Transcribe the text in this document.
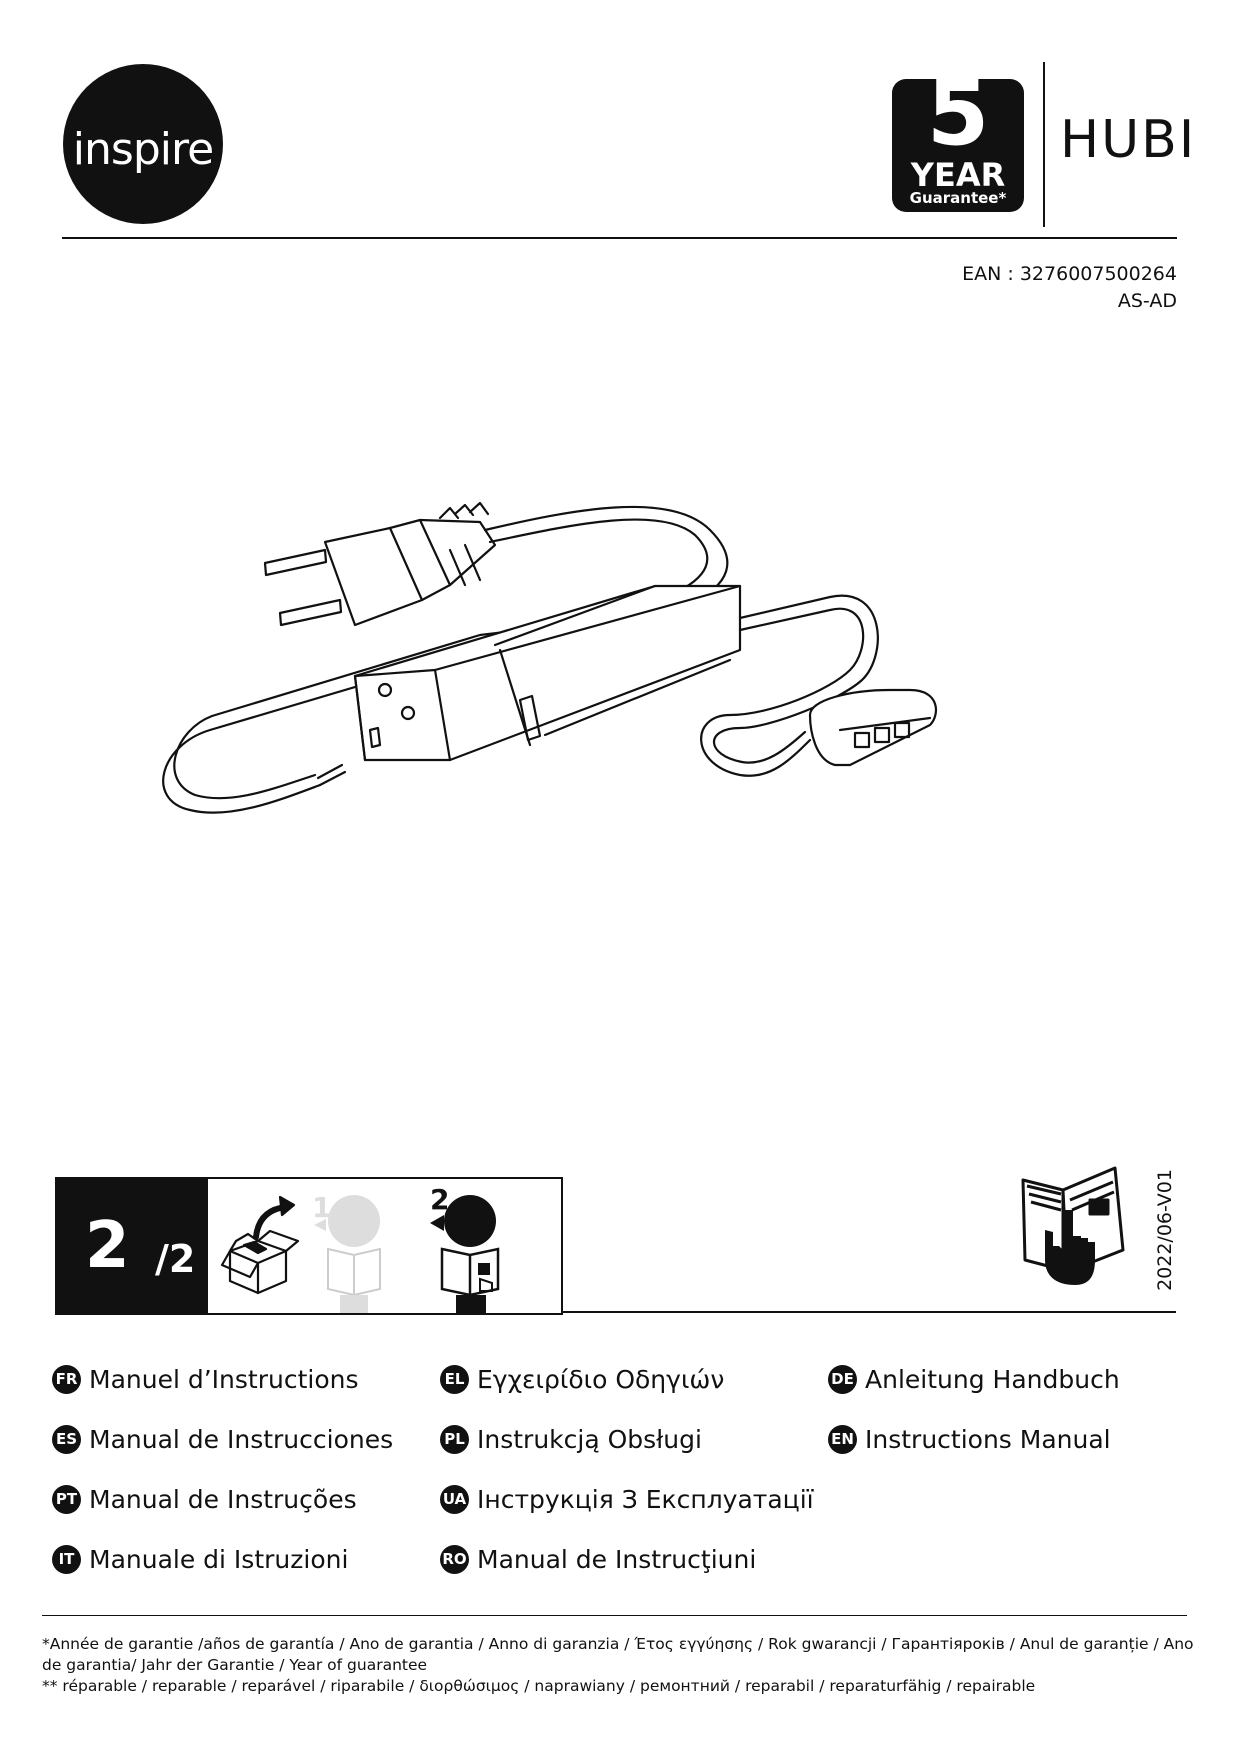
inspire	5
YEAR
Guarantee*
HUBI
EAN : 3276007500264
AS-AD
2 /2
1	2	2022/06-V01
FR Manuel d’Instructions
ES Manual de Instrucciones
PT Manual de Instruções
IT Manuale di Istruzioni
EL Εγχειρίδιο Οδηγιών
PL Instrukcją Obsługi
UA Інструкція З Експлуатації
RO Manual de Instrucţiuni
DE Anleitung Handbuch
EN Instructions Manual
*Année de garantie /años de garantía / Ano de garantia / Anno di garanzia / Έτος εγγύησης / Rok gwarancji / Гарантіяроків / Anul de garanție / Ano de garantia/ Jahr der Garantie / Year of guarantee
** réparable / reparable / reparável / riparabile / διορθώσιμος / naprawiany / ремонтний / reparabil / reparaturfähig / repairable
